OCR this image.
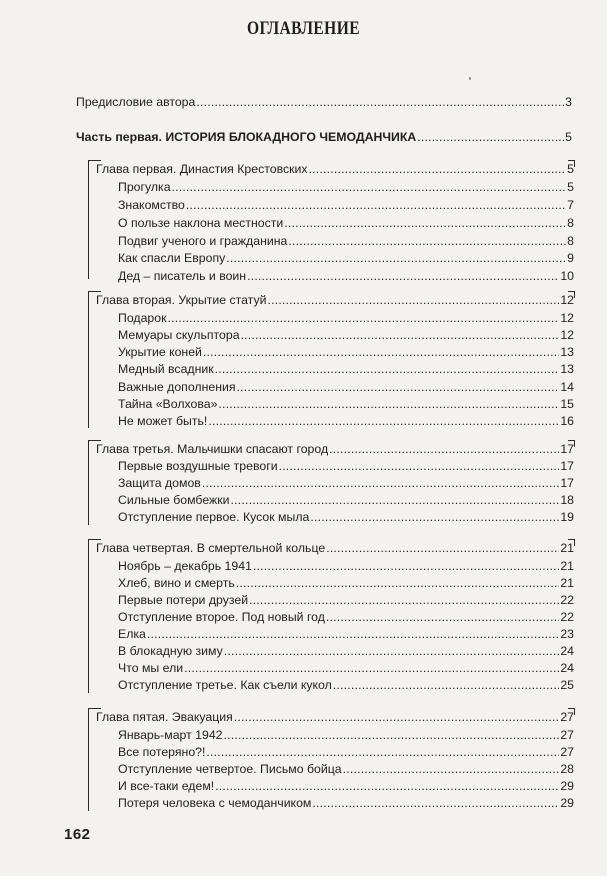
ОГЛАВЛЕНИЕ
Предисловие автора .....	3
Часть первая. ИСТОРИЯ БЛОКАДНОГО ЧЕМОДАНЧИКА .....	5
Глава первая. Династия Крестовских .....	5
Прогулка .....	5
Знакомство .....	7
О пользе наклона местности .....	8
Подвиг ученого и гражданина .....	8
Как спасли Европу .....	9
Дед – писатель и воин .....	10
Глава вторая. Укрытие статуй .....	12
Подарок .....	12
Мемуары скульптора .....	12
Укрытие коней .....	13
Медный всадник .....	13
Важные дополнения .....	14
Тайна «Волхова» .....	15
Не может быть! .....	16
Глава третья. Мальчишки спасают город .....	17
Первые воздушные тревоги .....	17
Защита домов .....	17
Сильные бомбежки .....	18
Отступление первое. Кусок мыла .....	19
Глава четвертая. В смертельной кольце .....	21
Ноябрь – декабрь 1941 .....	21
Хлеб, вино и смерть .....	21
Первые потери друзей .....	22
Отступление второе. Под новый год .....	22
Елка .....	23
В блокадную зиму .....	24
Что мы ели .....	24
Отступление третье. Как съели кукол .....	25
Глава пятая. Эвакуация .....	27
Январь-март 1942 .....	27
Все потеряно?! .....	27
Отступление четвертое. Письмо бойца .....	28
И все-таки едем! .....	29
Потеря человека с чемоданчиком .....	29
162
